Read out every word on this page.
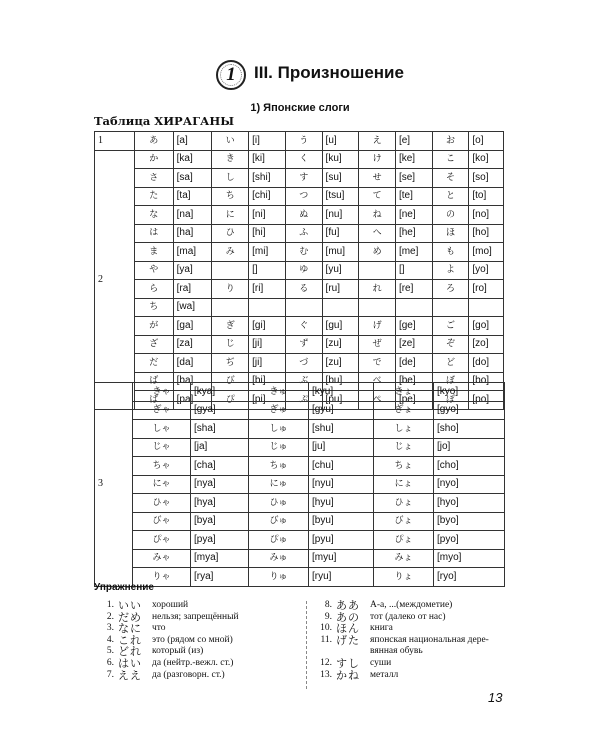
1	III. Произношение
1) Японские слоги
Таблица ХИРАГАНЫ
1	あ	[a]	い	[i]	う	[u]	え	[e]	お	[o]
2	か	[ka]	き	[ki]	く	[ku]	け	[ke]	こ	[ko]
	さ	[sa]	し	[shi]	す	[su]	せ	[se]	そ	[so]
	た	[ta]	ち	[chi]	つ	[tsu]	て	[te]	と	[to]
	な	[na]	に	[ni]	ぬ	[nu]	ね	[ne]	の	[no]
	は	[ha]	ひ	[hi]	ふ	[fu]	へ	[he]	ほ	[ho]
	ま	[ma]	み	[mi]	む	[mu]	め	[me]	も	[mo]
	や	[ya]		[]	ゆ	[yu]		[]	よ	[yo]
	ら	[ra]	り	[ri]	る	[ru]	れ	[re]	ろ	[ro]
	ち	[wa]								
	が	[ga]	ぎ	[gi]	ぐ	[gu]	げ	[ge]	ご	[go]
	ざ	[za]	じ	[ji]	ず	[zu]	ぜ	[ze]	ぞ	[zo]
	だ	[da]	ぢ	[ji]	づ	[zu]	で	[de]	ど	[do]
	ば	[ba]	び	[bi]	ぶ	[bu]	べ	[be]	ぼ	[bo]
	ぱ	[pa]	ぴ	[pi]	ぷ	[pu]	ぺ	[pe]	ぽ	[po]
3	きゃ	[kya]	きゅ	[kyu]	きょ	[kyo]
	ぎゃ	[gya]	ぎゅ	[gyu]	ぎょ	[gyo]
	しゃ	[sha]	しゅ	[shu]	しょ	[sho]
	じゃ	[ja]	じゅ	[ju]	じょ	[jo]
	ちゃ	[cha]	ちゅ	[chu]	ちょ	[cho]
	にゃ	[nya]	にゅ	[nyu]	にょ	[nyo]
	ひゃ	[hya]	ひゅ	[hyu]	ひょ	[hyo]
	びゃ	[bya]	びゅ	[byu]	びょ	[byo]
	ぴゃ	[pya]	ぴゅ	[pyu]	ぴょ	[pyo]
	みゃ	[mya]	みゅ	[myu]	みょ	[myo]
	りゃ	[rya]	りゅ	[ryu]	りょ	[ryo]
Упражнение
1. いい	хороший
2. だめ	нельзя; запрещённый
3. なに	что
4. これ	это (рядом со мной)
5. どれ	который (из)
6. はい	да (нейтр.-вежл. ст.)
7. ええ	да (разговорн. ст.)
8. ああ	А-а, ...(междометие)
9. あの	тот (далеко от нас)
10. ほん	книга
11. げた	японская национальная дере-
вянная обувь
12. すし	суши
13. かね	металл
13
